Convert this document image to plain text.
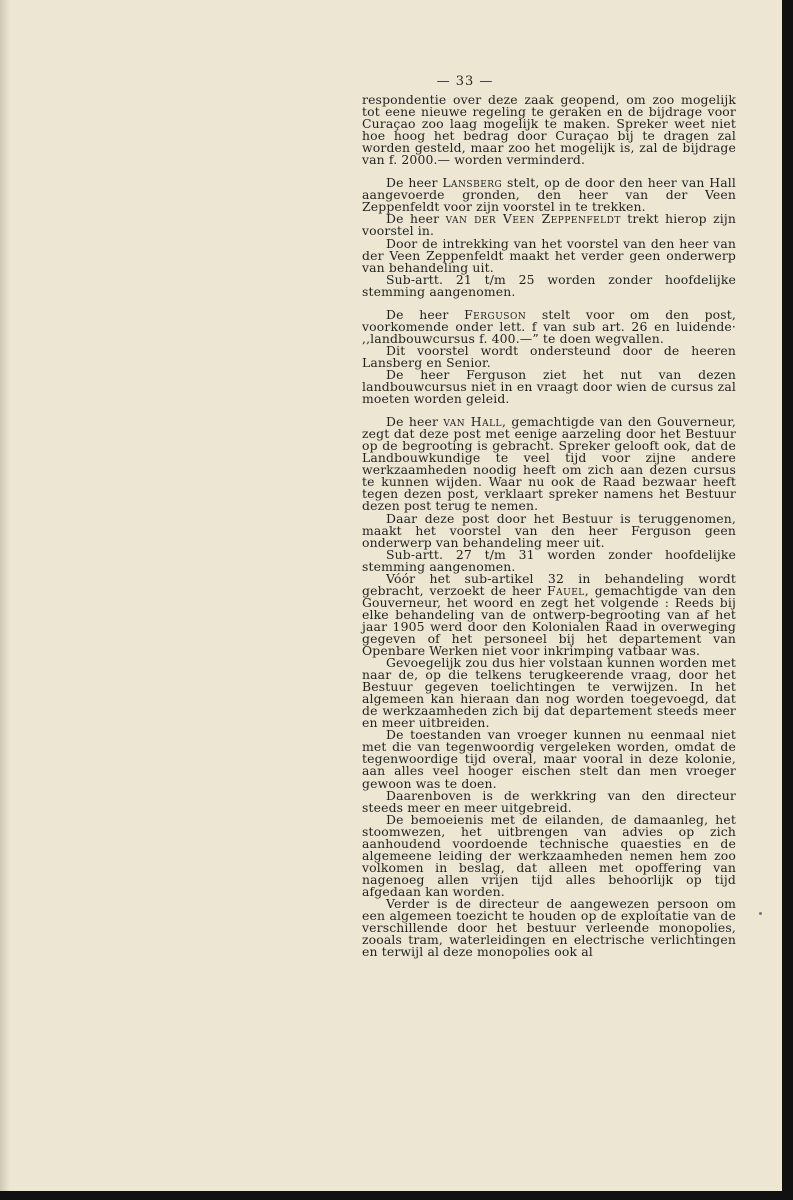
— 33 —

respondentie over deze zaak geopend, om zoo mogelijk tot eene nieuwe regeling te geraken en de bijdrage voor Curaçao zoo laag mogelijk te maken. Spreker weet niet hoe hoog het bedrag door Curaçao bij te dragen zal worden gesteld, maar zoo het mogelijk is, zal de bijdrage van f. 2000.— worden verminderd.

De heer Lansberg stelt, op de door den heer van Hall aangevoerde gronden, den heer van der Veen Zeppenfeldt voor zijn voorstel in te trekken.

De heer van der Veen Zeppenfeldt trekt hierop zijn voorstel in.

Door de intrekking van het voorstel van den heer van der Veen Zeppenfeldt maakt het verder geen onderwerp van behandeling uit.

Sub-artt. 21 t/m 25 worden zonder hoofdelijke stemming aangenomen.

De heer Ferguson stelt voor om den post, voorkomende onder lett. f van sub art. 26 en luidende· ,,landbouwcursus f. 400.—” te doen wegvallen.

Dit voorstel wordt ondersteund door de heeren Lansberg en Senior.

De heer Ferguson ziet het nut van dezen landbouwcursus niet in en vraagt door wien de cursus zal moeten worden geleid.

De heer van Hall, gemachtigde van den Gouverneur, zegt dat deze post met eenige aarzeling door het Bestuur op de begrooting is gebracht. Spreker gelooft ook, dat de Landbouwkundige te veel tijd voor zijne andere werkzaamheden noodig heeft om zich aan dezen cursus te kunnen wijden. Waar nu ook de Raad bezwaar heeft tegen dezen post, verklaart spreker namens het Bestuur dezen post terug te nemen.

Daar deze post door het Bestuur is teruggenomen, maakt het voorstel van den heer Ferguson geen onderwerp van behandeling meer uit.

Sub-artt. 27 t/m 31 worden zonder hoofdelijke stemming aangenomen.

Vóór het sub-artikel 32 in behandeling wordt gebracht, verzoekt de heer Fauel, gemachtigde van den Gouverneur, het woord en zegt het volgende : Reeds bij elke behandeling van de ontwerp-begrooting van af het jaar 1905 werd door den Kolonialen Raad in overweging gegeven of het personeel bij het departement van Openbare Werken niet voor inkrimping vatbaar was.

Gevoegelijk zou dus hier volstaan kunnen worden met naar de, op die telkens terugkeerende vraag, door het Bestuur gegeven toelichtingen te verwijzen. In het algemeen kan hieraan dan nog worden toegevoegd, dat de werkzaamheden zich bij dat departement steeds meer en meer uitbreiden.

De toestanden van vroeger kunnen nu eenmaal niet met die van tegenwoordig vergeleken worden, omdat de tegenwoordige tijd overal, maar vooral in deze kolonie, aan alles veel hooger eischen stelt dan men vroeger gewoon was te doen.

Daarenboven is de werkkring van den directeur steeds meer en meer uitgebreid.

De bemoeienis met de eilanden, de damaanleg, het stoomwezen, het uitbrengen van advies op zich aanhoudend voordoende technische quaesties en de algemeene leiding der werkzaamheden nemen hem zoo volkomen in beslag, dat alleen met opoffering van nagenoeg allen vrijen tijd alles behoorlijk op tijd afgedaan kan worden.

Verder is de directeur de aangewezen persoon om een algemeen toezicht te houden op de exploitatie van de verschillende door het bestuur verleende monopolies, zooals tram, waterleidingen en electrische verlichtingen en terwijl al deze monopolies ook al
